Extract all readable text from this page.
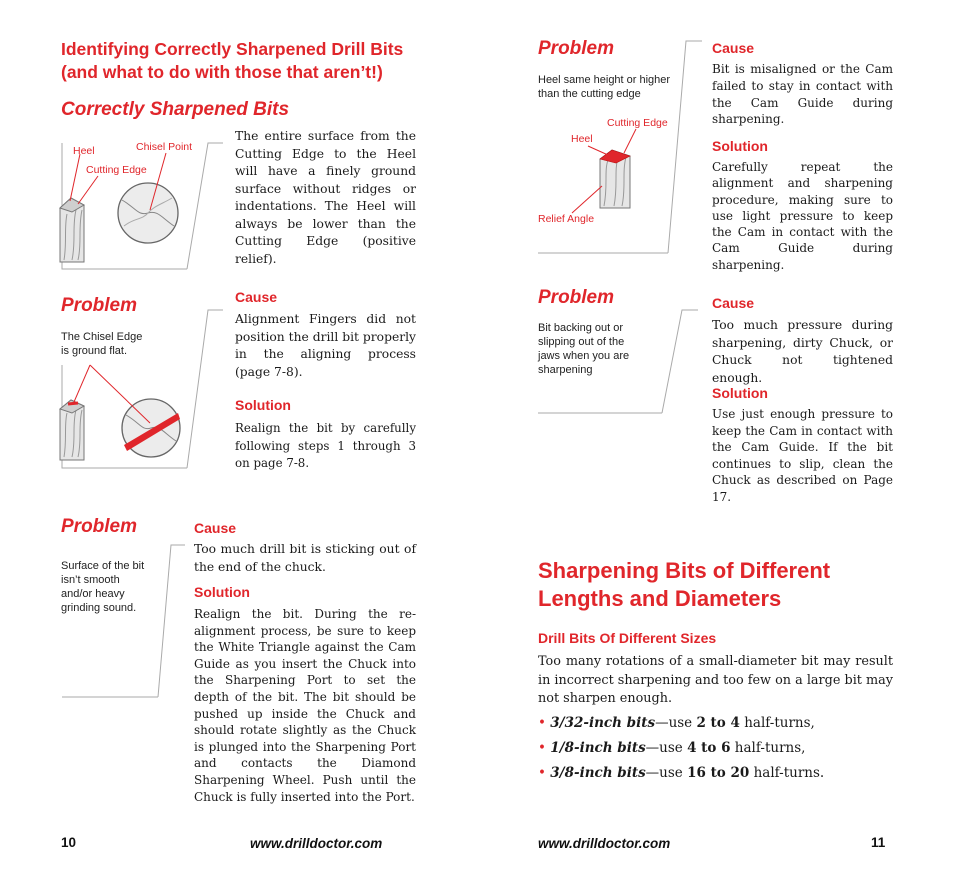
Identifying Correctly Sharpened Drill Bits
(and what to do with those that aren’t!)
Correctly Sharpened Bits
Heel
Cutting Edge
Chisel Point
The entire surface from the Cutting Edge to the Heel will have a finely ground surface without ridges or indentations. The Heel will always be lower than the Cutting Edge (positive relief).
Problem
The Chisel Edge is ground flat.
Cause
Alignment Fingers did not position the drill bit properly in the aligning process (page 7-8).
Solution
Realign the bit by carefully following steps 1 through 3 on page 7-8.
Problem
Surface of the bit isn’t smooth and/or heavy grinding sound.
Cause
Too much drill bit is sticking out of the end of the chuck.
Solution
Realign the bit. During the re-alignment process, be sure to keep the White Triangle against the Cam Guide as you insert the Chuck into the Sharpening Port to set the depth of the bit. The bit should be pushed up inside the Chuck and should rotate slightly as the Chuck is plunged into the Sharpening Port and contacts the Diamond Sharpening Wheel. Push until the Chuck is fully inserted into the Port.
10	www.drilldoctor.com
Problem
Heel same height or higher than the cutting edge
Heel
Cutting Edge
Relief Angle
Cause
Bit is misaligned or the Cam failed to stay in contact with the Cam Guide during sharpening.
Solution
Carefully repeat the alignment and sharpening procedure, making sure to use light pressure to keep the Cam in contact with the Cam Guide during sharpening.
Problem
Bit backing out or slipping out of the jaws when you are sharpening
Cause
Too much pressure during sharpening, dirty Chuck, or Chuck not tightened enough.
Solution
Use just enough pressure to keep the Cam in contact with the Cam Guide. If the bit continues to slip, clean the Chuck as described on Page 17.
Sharpening Bits of Different
Lengths and Diameters
Drill Bits Of Different Sizes
Too many rotations of a small-diameter bit may result in incorrect sharpening and too few on a large bit may not sharpen enough.
• 3/32-inch bits—use 2 to 4 half-turns,
• 1/8-inch bits—use 4 to 6 half-turns,
• 3/8-inch bits—use 16 to 20 half-turns.
www.drilldoctor.com	11
